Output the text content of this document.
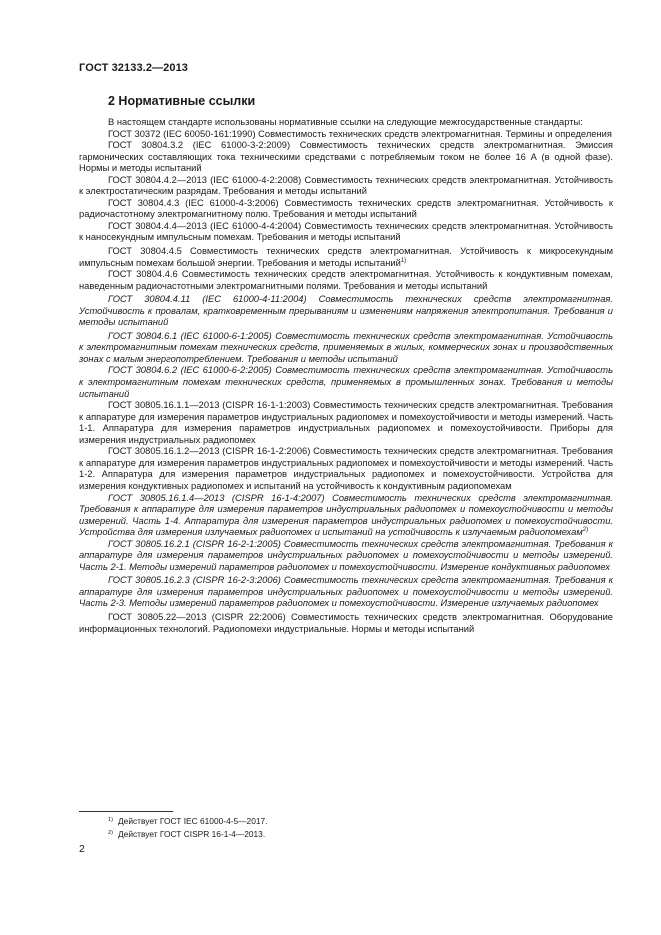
ГОСТ 32133.2—2013
2 Нормативные ссылки

В настоящем стандарте использованы нормативные ссылки на следующие межгосударственные стандарты:

ГОСТ 30372 (IEC 60050-161:1990) Совместимость технических средств электромагнитная. Термины и определения

ГОСТ 30804.3.2 (IEC 61000-3-2:2009) Совместимость технических средств электромагнитная. Эмиссия гармонических составляющих тока техническими средствами с потребляемым током не более 16 А (в одной фазе). Нормы и методы испытаний

ГОСТ 30804.4.2—2013 (IEC 61000-4-2:2008) Совместимость технических средств электромагнитная. Устойчивость к электростатическим разрядам. Требования и методы испытаний

ГОСТ 30804.4.3 (IEC 61000-4-3:2006) Совместимость технических средств электромагнитная. Устойчивость к радиочастотному электромагнитному полю. Требования и методы испытаний

ГОСТ 30804.4.4—2013 (IEC 61000-4-4:2004) Совместимость технических средств электромагнитная. Устойчивость к наносекундным импульсным помехам. Требования и методы испытаний

ГОСТ 30804.4.5 Совместимость технических средств электромагнитная. Устойчивость к микросекундным импульсным помехам большой энергии. Требования и методы испытаний$^{1)}$

ГОСТ 30804.4.6 Совместимость технических средств электромагнитная. Устойчивость к кондуктивным помехам, наведенным радиочастотными электромагнитными полями. Требования и методы испытаний

ГОСТ 30804.4.11 (IEC 61000-4-11:2004) Совместимость технических средств электромагнитная. Устойчивость к провалам, кратковременным прерываниям и изменениям напряжения электропитания. Требования и методы испытаний

ГОСТ 30804.6.1 (IEC 61000-6-1:2005) Совместимость технических средств электромагнитная. Устойчивость к электромагнитным помехам технических средств, применяемых в жилых, коммерческих зонах и производственных зонах с малым энергопотреблением. Требования и методы испытаний

ГОСТ 30804.6.2 (IEC 61000-6-2:2005) Совместимость технических средств электромагнитная. Устойчивость к электромагнитным помехам технических средств, применяемых в промышленных зонах. Требования и методы испытаний

ГОСТ 30805.16.1.1—2013 (CISPR 16-1-1:2003) Совместимость технических средств электромагнитная. Требования к аппаратуре для измерения параметров индустриальных радиопомех и помехоустойчивости и методы измерений. Часть 1-1. Аппаратура для измерения параметров индустриальных радиопомех и помехоустойчивости. Приборы для измерения индустриальных радиопомех

ГОСТ 30805.16.1.2—2013 (CISPR 16-1-2:2006) Совместимость технических средств электромагнитная. Требования к аппаратуре для измерения параметров индустриальных радиопомех и помехоустойчивости и методы измерений. Часть 1-2. Аппаратура для измерения параметров индустриальных радиопомех и помехоустойчивости. Устройства для измерения кондуктивных радиопомех и испытаний на устойчивость к кондуктивным радиопомехам

ГОСТ 30805.16.1.4—2013 (CISPR 16-1-4:2007) Совместимость технических средств электромагнитная. Требования к аппаратуре для измерения параметров индустриальных радиопомех и помехоустойчивости и методы измерений. Часть 1-4. Аппаратура для измерения параметров индустриальных радиопомех и помехоустойчивости. Устройства для измерения излучаемых радиопомех и испытаний на устойчивость к излучаемым радиопомехам$^{2)}$

ГОСТ 30805.16.2.1 (CISPR 16-2-1:2005) Совместимость технических средств электромагнитная. Требования к аппаратуре для измерения параметров индустриальных радиопомех и помехоустойчивости и методы измерений. Часть 2-1. Методы измерений параметров радиопомех и помехоустойчивости. Измерение кондуктивных радиопомех

ГОСТ 30805.16.2.3 (CISPR 16-2-3:2006) Совместимость технических средств электромагнитная. Требования к аппаратуре для измерения параметров индустриальных радиопомех и помехоустойчивости и методы измерений. Часть 2-3. Методы измерений параметров радиопомех и помехоустойчивости. Измерение излучаемых радиопомех

ГОСТ 30805.22—2013 (CISPR 22:2006) Совместимость технических средств электромагнитная. Оборудование информационных технологий. Радиопомехи индустриальные. Нормы и методы испытаний

$^{1)}$ Действует ГОСТ IEC 61000-4-5—2017.
$^{2)}$ Действует ГОСТ CISPR 16-1-4—2013.
2
